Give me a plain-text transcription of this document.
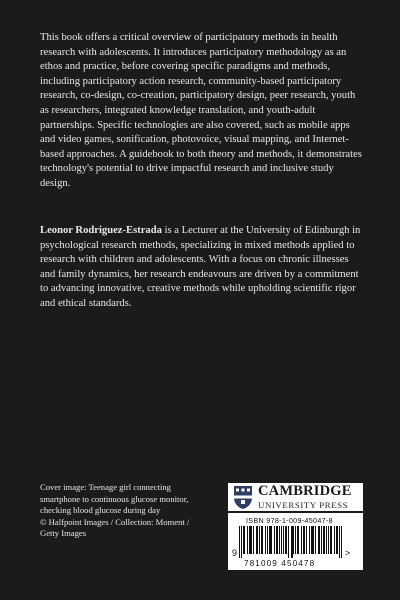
This book offers a critical overview of participatory methods in health research with adolescents. It introduces participatory methodology as an ethos and practice, before covering specific paradigms and methods, including participatory action research, community-based participatory research, co-design, co-creation, participatory design, peer research, youth as researchers, integrated knowledge translation, and youth-adult partnerships. Specific technologies are also covered, such as mobile apps and video games, sonification, photovoice, visual mapping, and Internet-based approaches. A guidebook to both theory and methods, it demonstrates technology's potential to drive impactful research and inclusive study design.

Leonor Rodriguez-Estrada is a Lecturer at the University of Edinburgh in psychological research methods, specializing in mixed methods applied to research with children and adolescents. With a focus on chronic illnesses and family dynamics, her research endeavours are driven by a commitment to advancing innovative, creative methods while upholding scientific rigor and ethical standards.

Cover image: Teenage girl connecting
smartphone to continuous glucose monitor,
checking blood glucose during day
© Halfpoint Images / Collection: Moment /
Getty Images
CAMBRIDGE
UNIVERSITY PRESS
ISBN 978-1-009-45047-8
9	>
781009 450478
